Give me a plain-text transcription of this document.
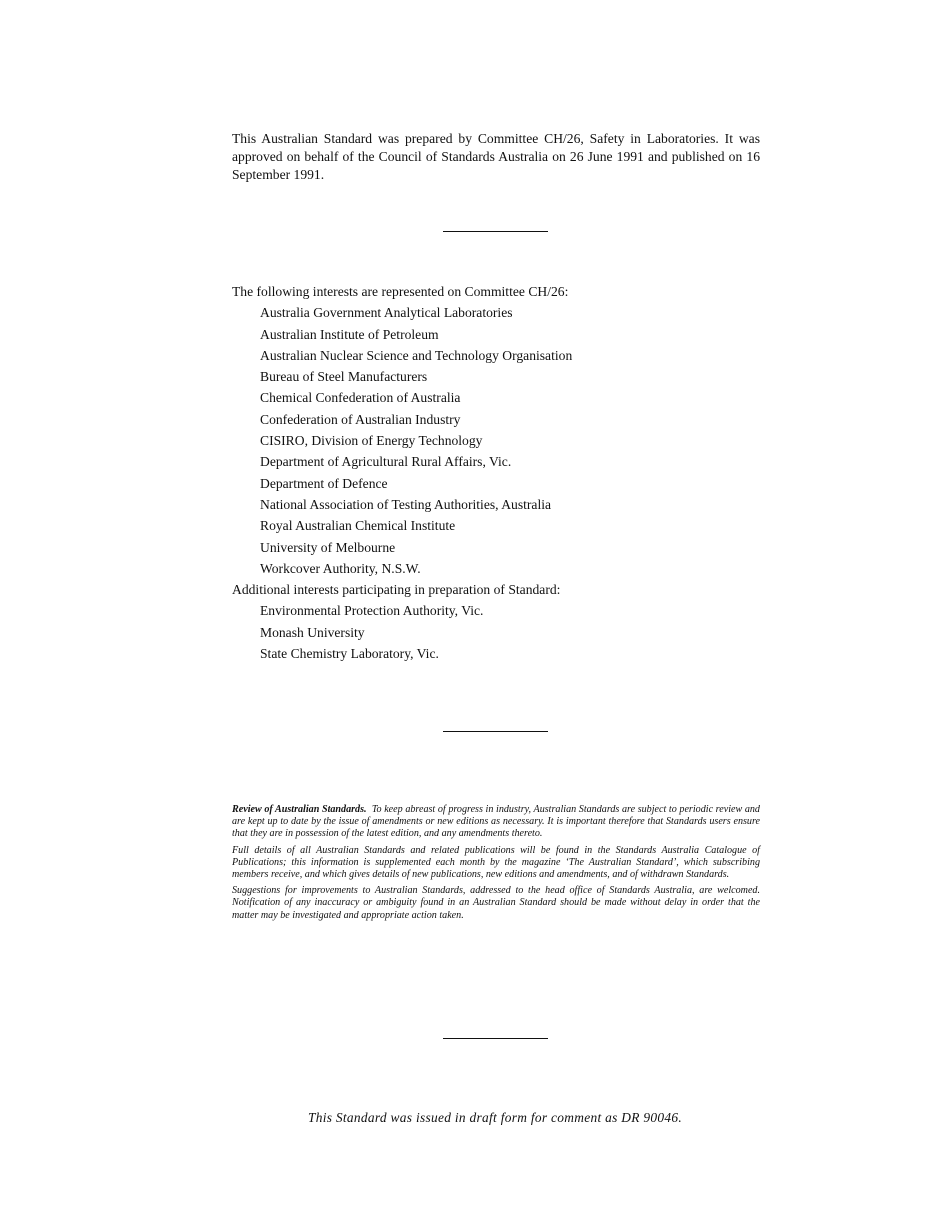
This Australian Standard was prepared by Committee CH/26, Safety in Laboratories. It was approved on behalf of the Council of Standards Australia on 26 June 1991 and published on 16 September 1991.

The following interests are represented on Committee CH/26:

Australia Government Analytical Laboratories
Australian Institute of Petroleum
Australian Nuclear Science and Technology Organisation
Bureau of Steel Manufacturers
Chemical Confederation of Australia
Confederation of Australian Industry
CISIRO, Division of Energy Technology
Department of Agricultural Rural Affairs, Vic.
Department of Defence
National Association of Testing Authorities, Australia
Royal Australian Chemical Institute
University of Melbourne
Workcover Authority, N.S.W.

Additional interests participating in preparation of Standard:

Environmental Protection Authority, Vic.
Monash University
State Chemistry Laboratory, Vic.

Review of Australian Standards. To keep abreast of progress in industry, Australian Standards are subject to periodic review and are kept up to date by the issue of amendments or new editions as necessary. It is important therefore that Standards users ensure that they are in possession of the latest edition, and any amendments thereto.

Full details of all Australian Standards and related publications will be found in the Standards Australia Catalogue of Publications; this information is supplemented each month by the magazine ‘The Australian Standard’, which subscribing members receive, and which gives details of new publications, new editions and amendments, and of withdrawn Standards.

Suggestions for improvements to Australian Standards, addressed to the head office of Standards Australia, are welcomed. Notification of any inaccuracy or ambiguity found in an Australian Standard should be made without delay in order that the matter may be investigated and appropriate action taken.

This Standard was issued in draft form for comment as DR 90046.
